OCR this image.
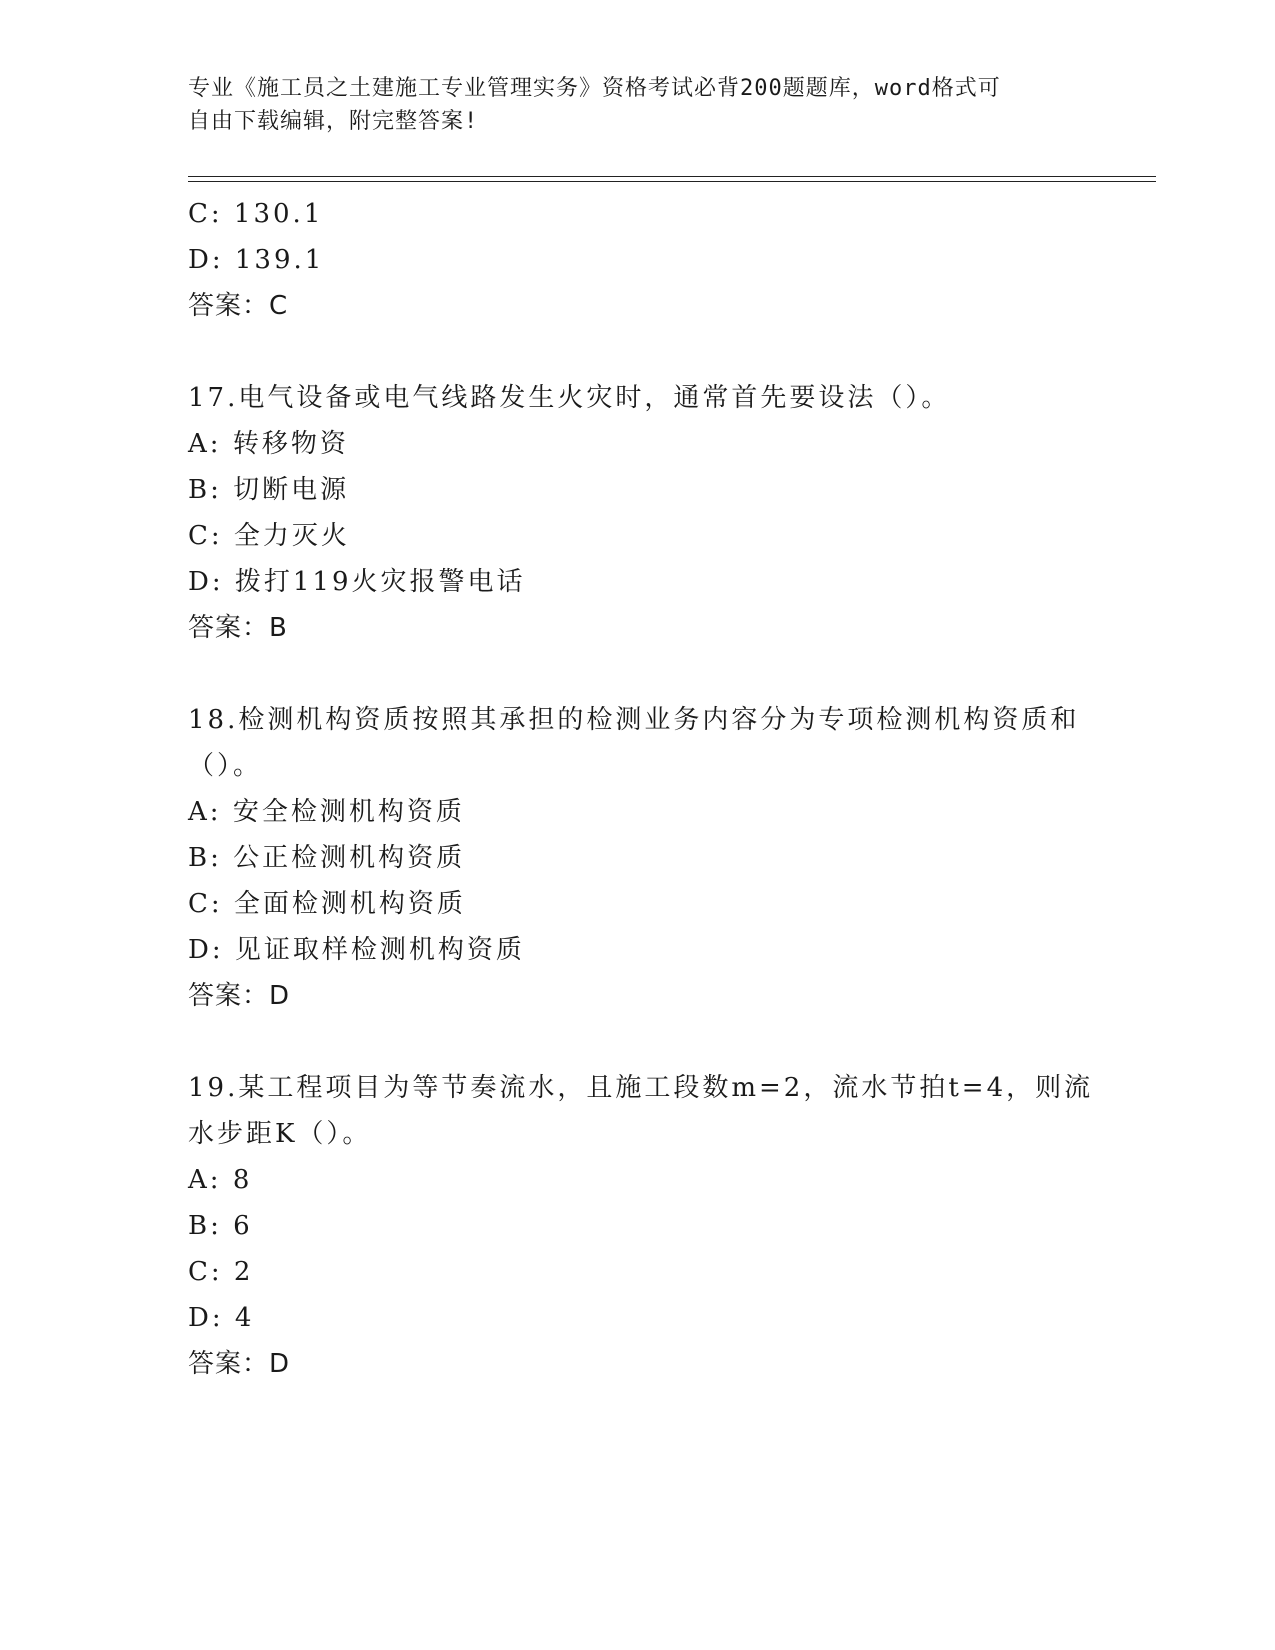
专业《施工员之土建施工专业管理实务》资格考试必背200题题库，word格式可
自由下载编辑，附完整答案!
C: 130.1
D: 139.1
答案：C
17.电气设备或电气线路发生火灾时，通常首先要设法（）。
A: 转移物资
B: 切断电源
C: 全力灭火
D: 拨打119火灾报警电话
答案：B
18.检测机构资质按照其承担的检测业务内容分为专项检测机构资质和
（）。
A: 安全检测机构资质
B: 公正检测机构资质
C: 全面检测机构资质
D: 见证取样检测机构资质
答案：D
19.某工程项目为等节奏流水，且施工段数m=2，流水节拍t=4，则流
水步距K（）。
A: 8
B: 6
C: 2
D: 4
答案：D
